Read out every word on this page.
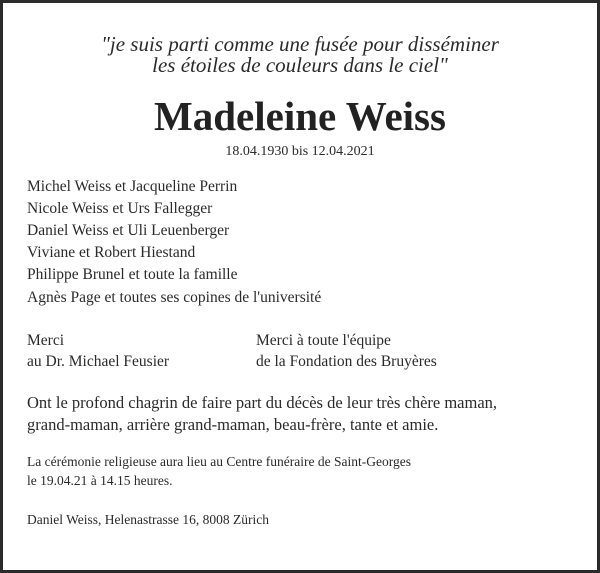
"je suis parti comme une fusée pour disséminer

les étoiles de couleurs dans le ciel"

Madeleine Weiss

18.04.1930 bis 12.04.2021

Michel Weiss et Jacqueline Perrin

Nicole Weiss et Urs Fallegger

Daniel Weiss et Uli Leuenberger

Viviane et Robert Hiestand

Philippe Brunel et toute la famille

Agnès Page et toutes ses copines de l'université

Merci

au Dr. Michael Feusier

Merci à toute l'équipe

de la Fondation des Bruyères

Ont le profond chagrin de faire part du décès de leur très chère maman,

grand-maman, arrière grand-maman, beau-frère, tante et amie.

La cérémonie religieuse aura lieu au Centre funéraire de Saint-Georges

le 19.04.21 à 14.15 heures.

Daniel Weiss, Helenastrasse 16, 8008 Zürich
